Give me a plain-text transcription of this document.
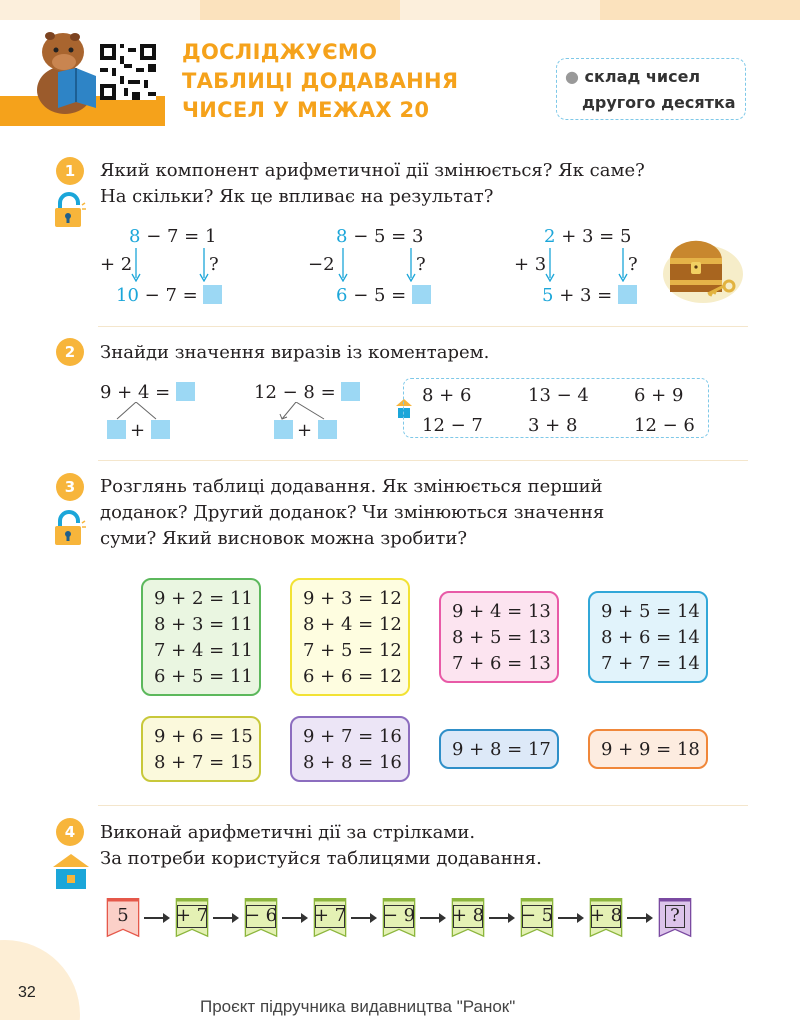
ДОСЛІДЖУЄМО
ТАБЛИЦІ ДОДАВАННЯ
ЧИСЕЛ У МЕЖАХ 20
● склад чисел
другого десятка
1	Який компонент арифметичної дії змінюється? Як саме?
На скільки? Як це впливає на результат?
8 − 7 = 1
+ 2	?
10 − 7 =
8 − 5 = 3
−2	?
6 − 5 =
2 + 3 = 5
+ 3	?
5 + 3 =
2	Знайди значення виразів із коментарем.
9 + 4 =
+
12 − 8 =
+
8 + 6	13 − 4	6 + 9
12 − 7	3 + 8	12 − 6
3	Розглянь таблиці додавання. Як змінюється перший
доданок? Другий доданок? Чи змінюються значення
суми? Який висновок можна зробити?
9 + 2 = 11
8 + 3 = 11
7 + 4 = 11
6 + 5 = 11
9 + 3 = 12
8 + 4 = 12
7 + 5 = 12
6 + 6 = 12
9 + 4 = 13
8 + 5 = 13
7 + 6 = 13
9 + 5 = 14
8 + 6 = 14
7 + 7 = 14
9 + 6 = 15
8 + 7 = 15
9 + 7 = 16
8 + 8 = 16
9 + 8 = 17	9 + 9 = 18
4	Виконай арифметичні дії за стрілками.
За потреби користуйся таблицями додавання.
5	+ 7 − 6 + 7 − 9 + 8 − 5 + 8	?
32
Проєкт підручника видавництва "Ранок"
